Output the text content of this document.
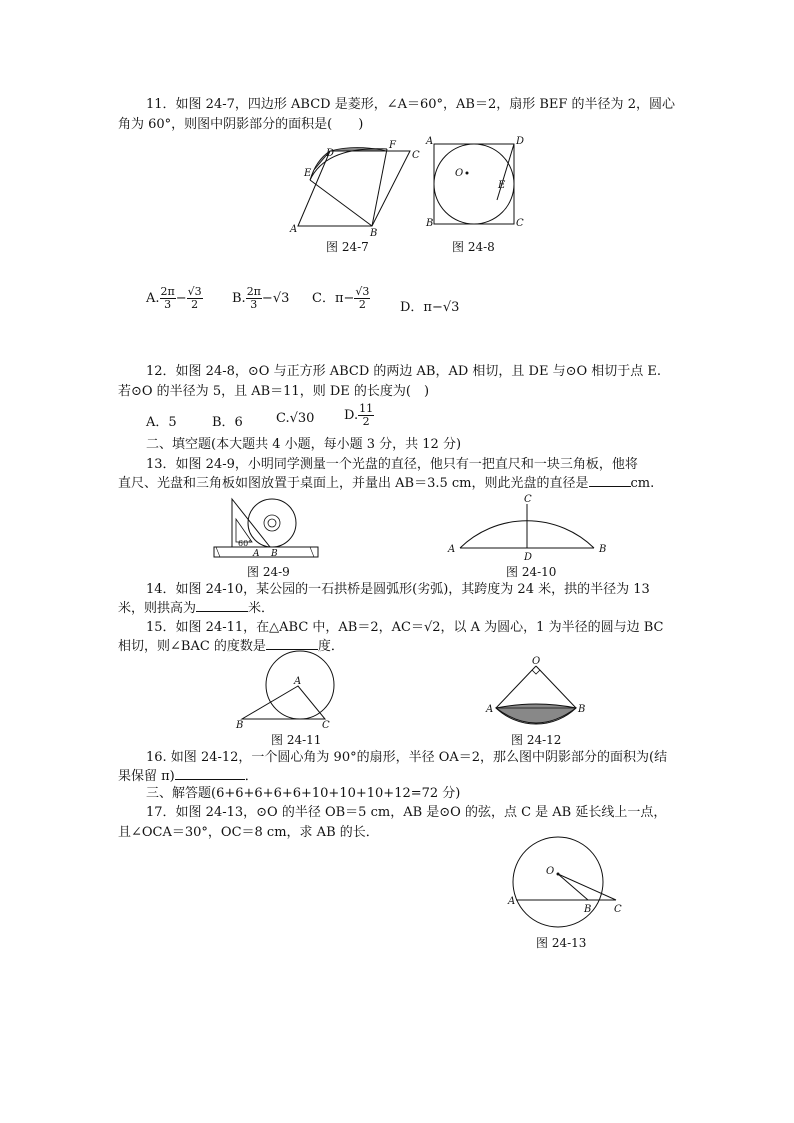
11．如图 24-7，四边形 ABCD 是菱形，∠A＝60°，AB＝2，扇形 BEF 的半径为 2，圆心
角为 60°，则图中阴影部分的面积是(　　)
D
F
C
E
A	B
图 24-7
A	D
O
E
B	C
图 24-8
A. $\frac{2\pi}{3} - \frac{√3}{2} B$. $\frac{2\pi}{3} -√3$ C．$\pi- \frac{√3}{2}$ D．π−√3
12．如图 24-8，⊙O 与正方形 ABCD 的两边 AB，AD 相切，且 DE 与⊙O 相切于点 E.
若⊙O 的半径为 5，且 AB＝11，则 DE 的长度为(　)
A．5	B．6	C.√30 D. $\frac{11}{2}$
二、填空题(本大题共 4 小题，每小题 3 分，共 12 分)
13．如图 24-9，小明同学测量一个光盘的直径，他只有一把直尺和一块三角板，他将
直尺、光盘和三角板如图放置于桌面上，并量出 AB＝3.5 cm，则此光盘的直径是	cm.
60°
A B
图 24-9
C
A
D
B
图 24-10
14．如图 24-10，某公园的一石拱桥是圆弧形(劣弧)，其跨度为 24 米，拱的半径为 13
米，则拱高为	米．
15．如图 24-11，在△ABC 中，AB＝2，AC＝√2，以 A 为圆心，1 为半径的圆与边 BC
相切，则∠BAC 的度数是	度．
A
B	C
图 24-11
O
A	B
图 24-12
16. 如图 24-12，一个圆心角为 90°的扇形，半径 OA＝2，那么图中阴影部分的面积为(结
果保留 π)	．
三、解答题(6+6+6+6+6+10+10+10+12=72 分)
17．如图 24-13，⊙O 的半径 OB＝5 cm，AB 是⊙O 的弦，点 C 是 AB 延长线上一点，
且∠OCA＝30°，OC＝8 cm，求 AB 的长．
O
A
B C
图 24-13
